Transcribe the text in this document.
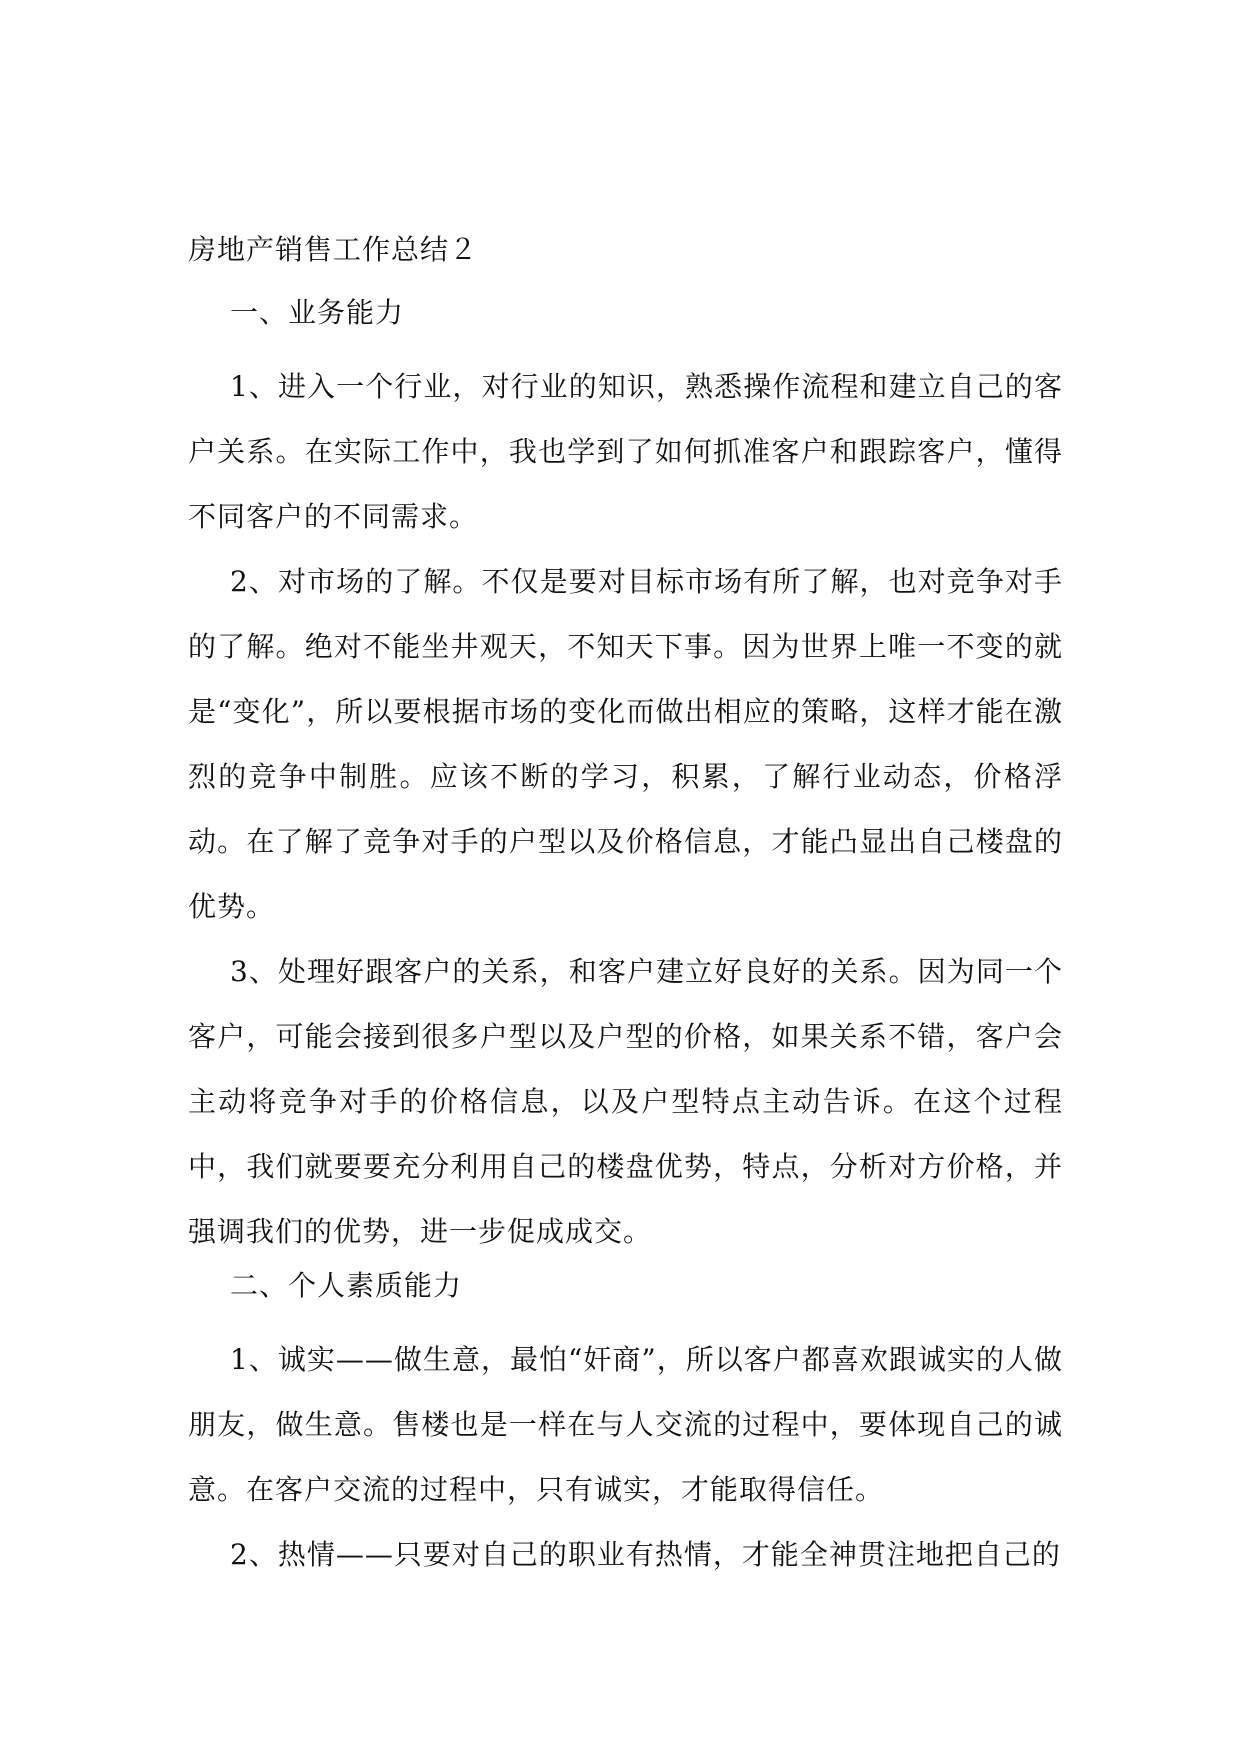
房地产销售工作总结２

一、业务能力

1、进入一个行业，对行业的知识，熟悉操作流程和建立自己的客户关系。在实际工作中，我也学到了如何抓准客户和跟踪客户，懂得不同客户的不同需求。

2、对市场的了解。不仅是要对目标市场有所了解，也对竞争对手的了解。绝对不能坐井观天，不知天下事。因为世界上唯一不变的就是“变化”，所以要根据市场的变化而做出相应的策略，这样才能在激烈的竞争中制胜。应该不断的学习，积累，了解行业动态，价格浮动。在了解了竞争对手的户型以及价格信息，才能凸显出自己楼盘的优势。

3、处理好跟客户的关系，和客户建立好良好的关系。因为同一个客户，可能会接到很多户型以及户型的价格，如果关系不错，客户会主动将竞争对手的价格信息，以及户型特点主动告诉。在这个过程中，我们就要要充分利用自己的楼盘优势，特点，分析对方价格，并强调我们的优势，进一步促成成交。

二、个人素质能力

1、诚实——做生意，最怕“奸商”，所以客户都喜欢跟诚实的人做朋友，做生意。售楼也是一样在与人交流的过程中，要体现自己的诚意。在客户交流的过程中，只有诚实，才能取得信任。

2、热情——只要对自己的职业有热情，才能全神贯注地把自己的
